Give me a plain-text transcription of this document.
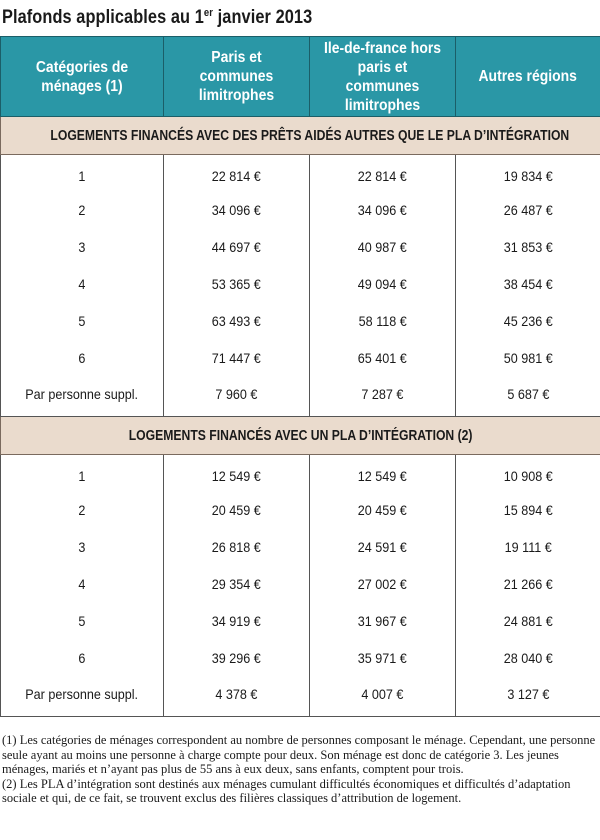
Plafonds applicables au 1er janvier 2013
Catégories de ménages (1)	Paris et communes limitrophes	Ile-de-france hors paris et communes limitrophes	Autres régions
LOGEMENTS FINANCÉS AVEC DES PRÊTS AIDÉS AUTRES QUE LE PLA D’INTÉGRATION			
1	22 814 €	22 814 €	19 834 €
2	34 096 €	34 096 €	26 487 €
3	44 697 €	40 987 €	31 853 €
4	53 365 €	49 094 €	38 454 €
5	63 493 €	58 118 €	45 236 €
6	71 447 €	65 401 €	50 981 €
Par personne suppl.	7 960 €	7 287 €	5 687 €
LOGEMENTS FINANCÉS AVEC UN PLA D’INTÉGRATION (2)			
1	12 549 €	12 549 €	10 908 €
2	20 459 €	20 459 €	15 894 €
3	26 818 €	24 591 €	19 111 €
4	29 354 €	27 002 €	21 266 €
5	34 919 €	31 967 €	24 881 €
6	39 296 €	35 971 €	28 040 €
Par personne suppl.	4 378 €	4 007 €	3 127 €

(1) Les catégories de ménages correspondent au nombre de personnes composant le ménage. Cependant, une personne seule ayant au moins une personne à charge compte pour deux. Son ménage est donc de catégorie 3. Les jeunes ménages, mariés et n’ayant pas plus de 55 ans à eux deux, sans enfants, comptent pour trois.

(2) Les PLA d’intégration sont destinés aux ménages cumulant difficultés économiques et difficultés d’adaptation sociale et qui, de ce fait, se trouvent exclus des filières classiques d’attribution de logement.
